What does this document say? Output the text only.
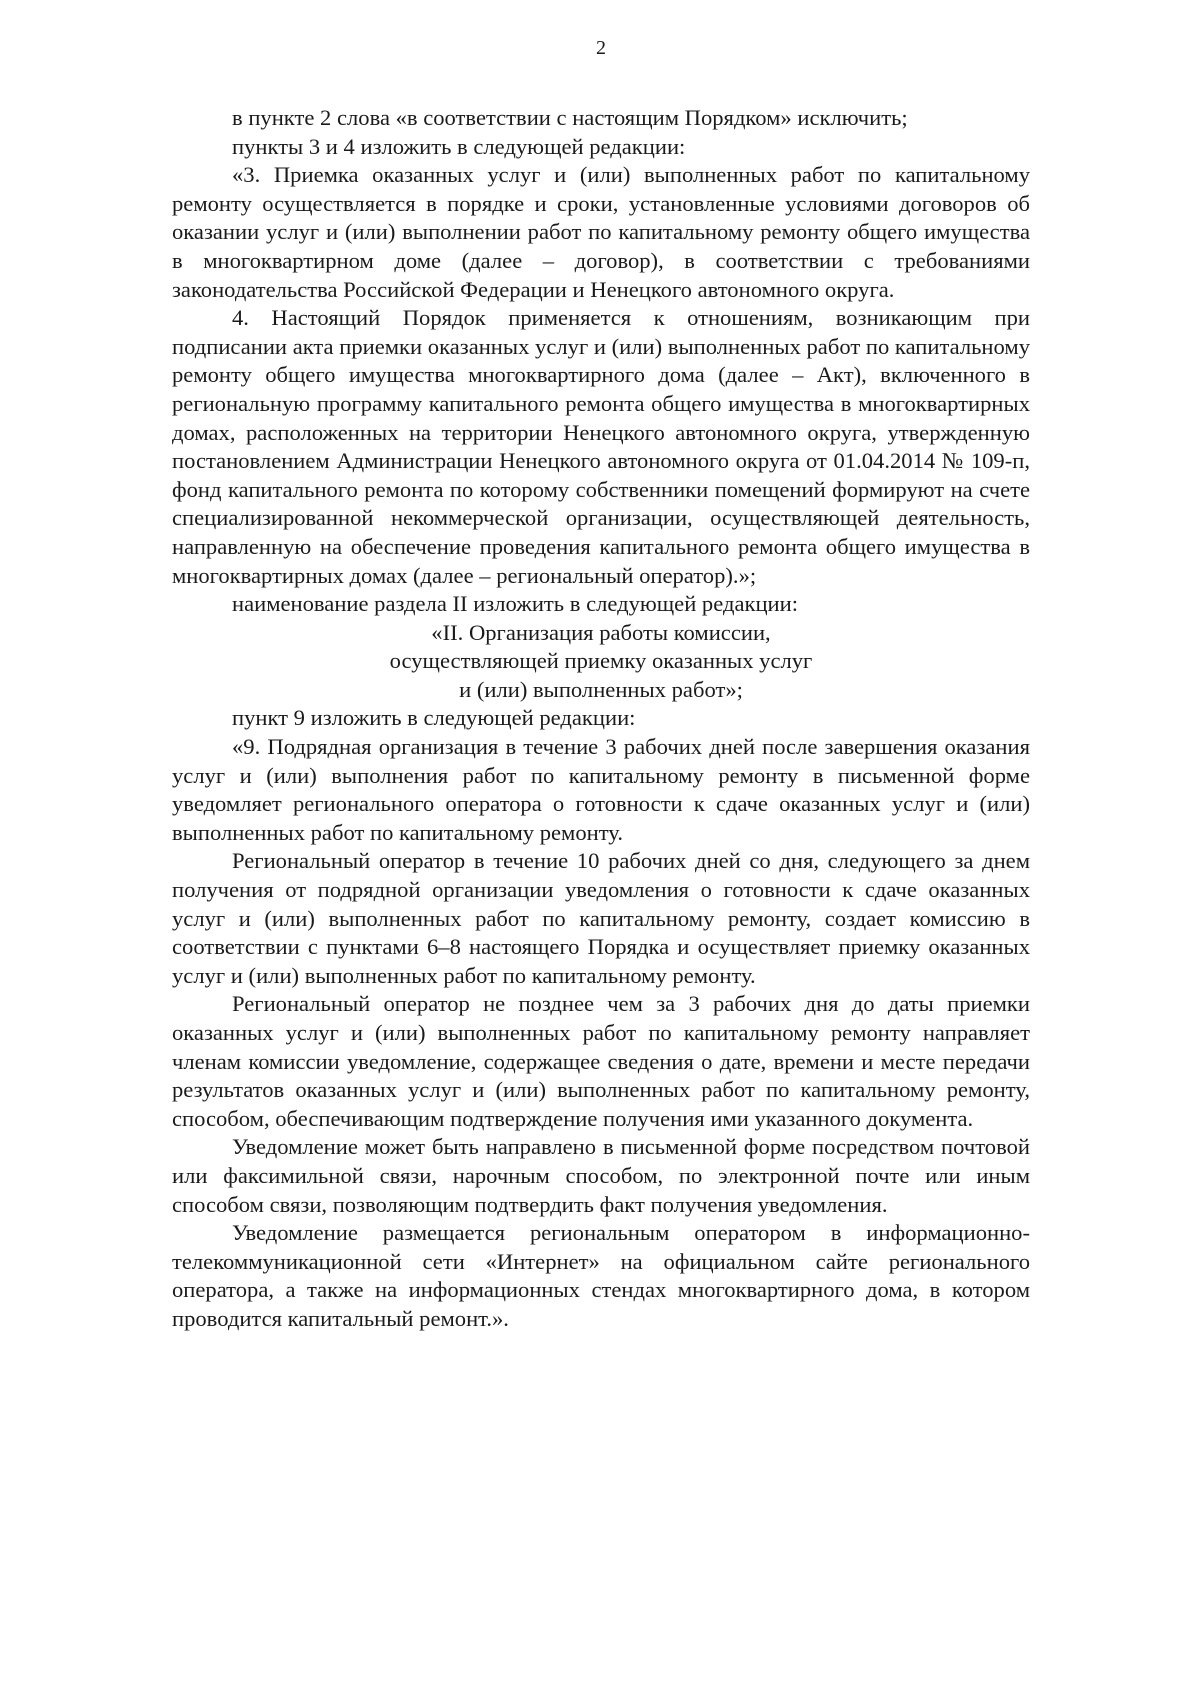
2

в пункте 2 слова «в соответствии с настоящим Порядком» исключить;

пункты 3 и 4 изложить в следующей редакции:

«3. Приемка оказанных услуг и (или) выполненных работ по капитальному ремонту осуществляется в порядке и сроки, установленные условиями договоров об оказании услуг и (или) выполнении работ по капитальному ремонту общего имущества в многоквартирном доме (далее – договор), в соответствии с требованиями законодательства Российской Федерации и Ненецкого автономного округа.

4. Настоящий Порядок применяется к отношениям, возникающим при подписании акта приемки оказанных услуг и (или) выполненных работ по капитальному ремонту общего имущества многоквартирного дома (далее – Акт), включенного в региональную программу капитального ремонта общего имущества в многоквартирных домах, расположенных на территории Ненецкого автономного округа, утвержденную постановлением Администрации Ненецкого автономного округа от 01.04.2014 № 109-п, фонд капитального ремонта по которому собственники помещений формируют на счете специализированной некоммерческой организации, осуществляющей деятельность, направленную на обеспечение проведения капитального ремонта общего имущества в многоквартирных домах (далее – региональный оператор).»;

наименование раздела II изложить в следующей редакции:

«II. Организация работы комиссии,
осуществляющей приемку оказанных услуг
и (или) выполненных работ»;

пункт 9 изложить в следующей редакции:

«9. Подрядная организация в течение 3 рабочих дней после завершения оказания услуг и (или) выполнения работ по капитальному ремонту в письменной форме уведомляет регионального оператора о готовности к сдаче оказанных услуг и (или) выполненных работ по капитальному ремонту.

Региональный оператор в течение 10 рабочих дней со дня, следующего за днем получения от подрядной организации уведомления о готовности к сдаче оказанных услуг и (или) выполненных работ по капитальному ремонту, создает комиссию в соответствии с пунктами 6–8 настоящего Порядка и осуществляет приемку оказанных услуг и (или) выполненных работ по капитальному ремонту.

Региональный оператор не позднее чем за 3 рабочих дня до даты приемки оказанных услуг и (или) выполненных работ по капитальному ремонту направляет членам комиссии уведомление, содержащее сведения о дате, времени и месте передачи результатов оказанных услуг и (или) выполненных работ по капитальному ремонту, способом, обеспечивающим подтверждение получения ими указанного документа.

Уведомление может быть направлено в письменной форме посредством почтовой или факсимильной связи, нарочным способом, по электронной почте или иным способом связи, позволяющим подтвердить факт получения уведомления.

Уведомление размещается региональным оператором в информационно-телекоммуникационной сети «Интернет» на официальном сайте регионального оператора, а также на информационных стендах многоквартирного дома, в котором проводится капитальный ремонт.».
